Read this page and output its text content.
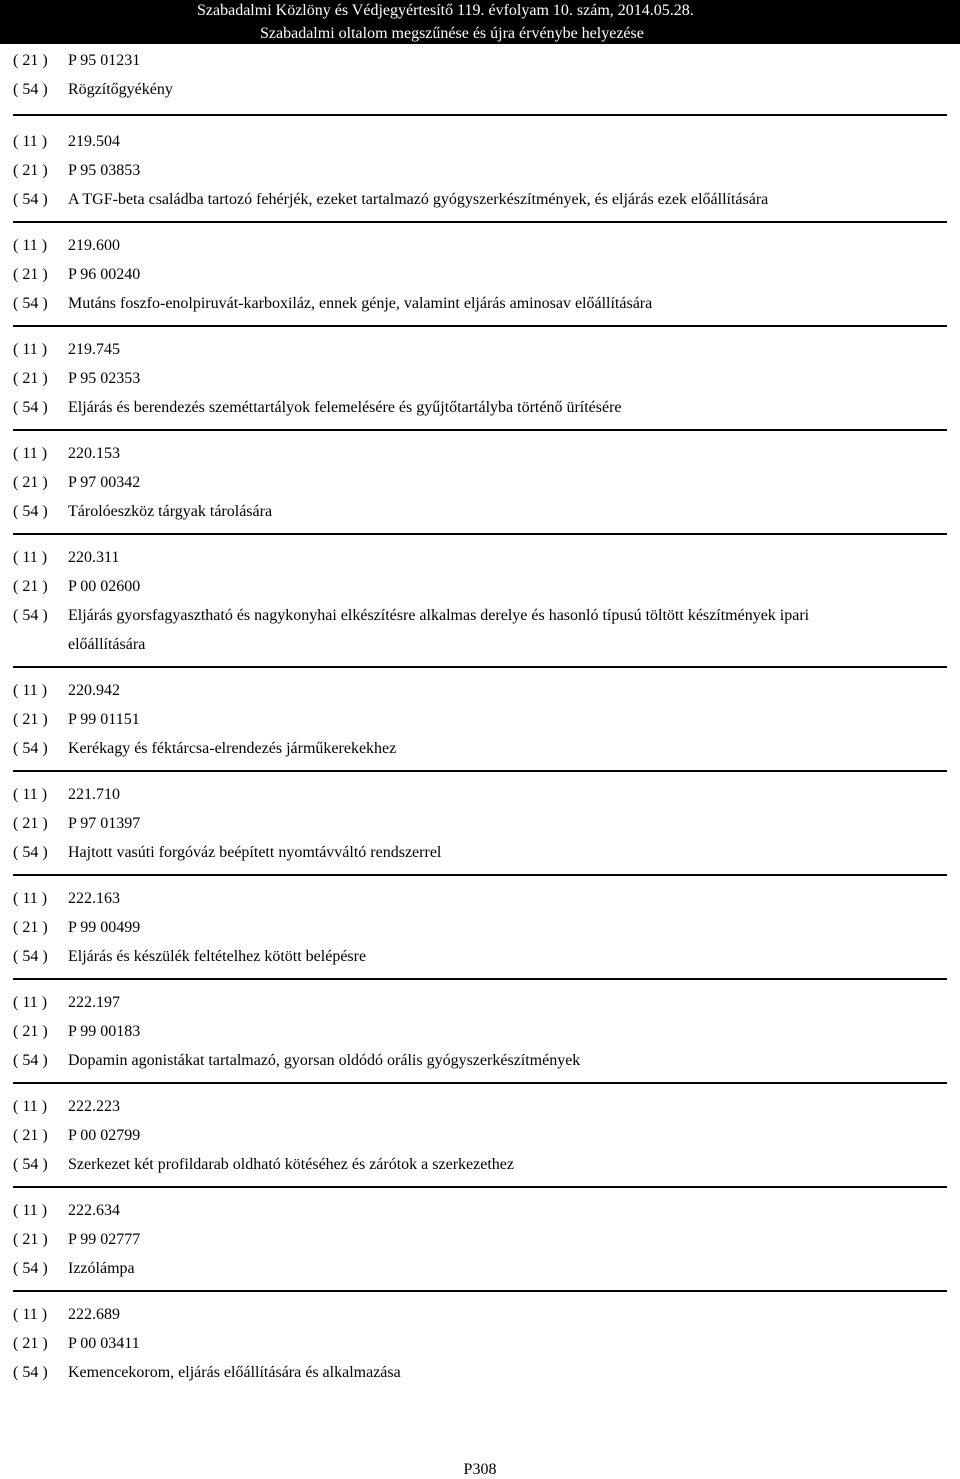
Szabadalmi Közlöny és Védjegyértesítő 119. évfolyam 10. szám, 2014.05.28.
Szabadalmi oltalom megszűnése és újra érvénybe helyezése
( 21 )	P 95 01231
( 54 )	Rögzítőgyékény
( 11 )	219.504
( 21 )	P 95 03853
( 54 )	A TGF-beta családba tartozó fehérjék, ezeket tartalmazó gyógyszerkészítmények, és eljárás ezek előállítására
( 11 )	219.600
( 21 )	P 96 00240
( 54 )	Mutáns foszfo-enolpiruvát-karboxiláz, ennek génje, valamint eljárás aminosav előállítására
( 11 )	219.745
( 21 )	P 95 02353
( 54 )	Eljárás és berendezés szeméttartályok felemelésére és gyűjtőtartályba történő ürítésére
( 11 )	220.153
( 21 )	P 97 00342
( 54 )	Tárolóeszköz tárgyak tárolására
( 11 )	220.311
( 21 )	P 00 02600
( 54 )	Eljárás gyorsfagyasztható és nagykonyhai elkészítésre alkalmas derelye és hasonló típusú töltött készítmények ipari előállítására
( 11 )	220.942
( 21 )	P 99 01151
( 54 )	Kerékagy és féktárcsa-elrendezés járműkerekekhez
( 11 )	221.710
( 21 )	P 97 01397
( 54 )	Hajtott vasúti forgóváz beépített nyomtávváltó rendszerrel
( 11 )	222.163
( 21 )	P 99 00499
( 54 )	Eljárás és készülék feltételhez kötött belépésre
( 11 )	222.197
( 21 )	P 99 00183
( 54 )	Dopamin agonistákat tartalmazó, gyorsan oldódó orális gyógyszerkészítmények
( 11 )	222.223
( 21 )	P 00 02799
( 54 )	Szerkezet két profildarab oldható kötéséhez és zárótok a szerkezethez
( 11 )	222.634
( 21 )	P 99 02777
( 54 )	Izzólámpa
( 11 )	222.689
( 21 )	P 00 03411
( 54 )	Kemencekorom, eljárás előállítására és alkalmazása
P308
